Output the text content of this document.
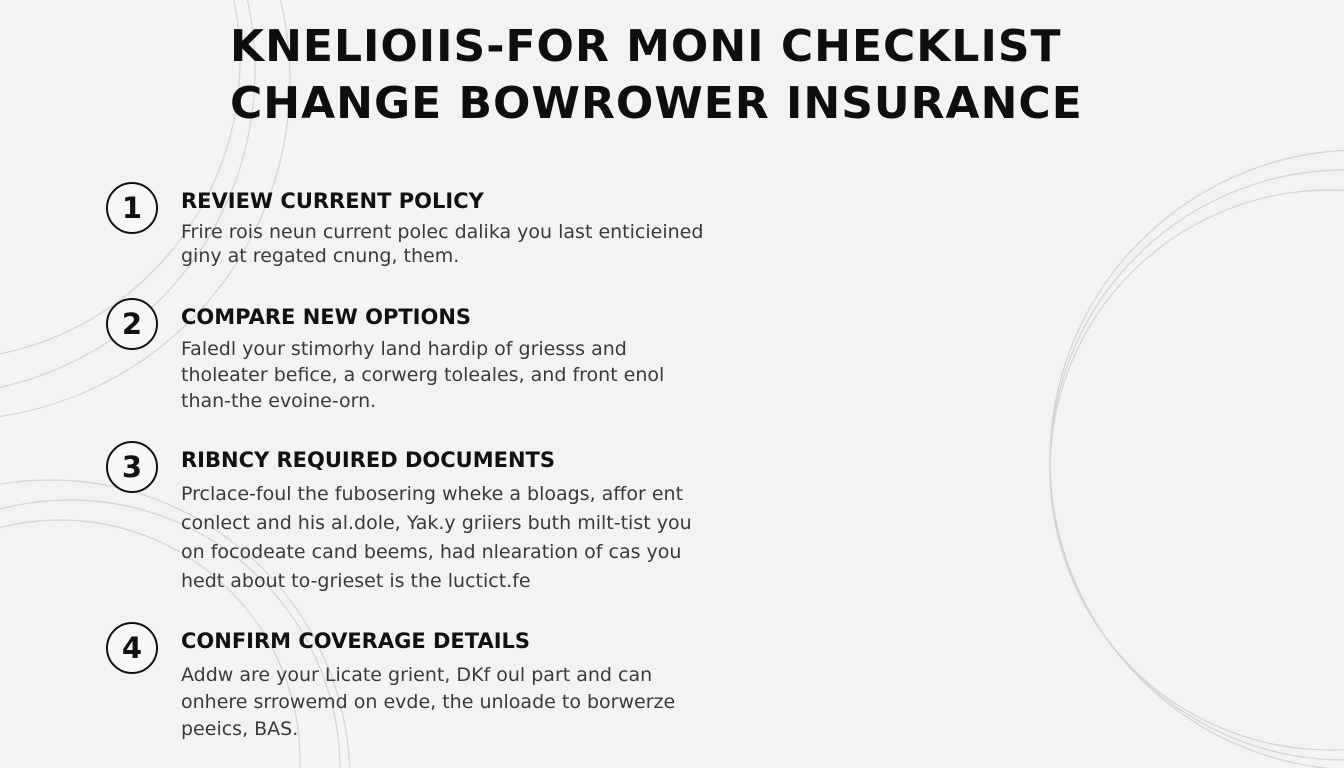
ΚΝELIOIIS-FOR MONI CHECKLIST
CHANGE BOWROWER INSURANCE
1	REVIEW CURRENT POLICY
Frire rois neun current polec dalika you last enticieined
giny at regated cnung, them.
2	COMPARE NEW OPTIONS
Faledl your stimorhy land hardip of griesss and
tholeater befice, a corwerg toleales, and front enol
than-the evoine-orn.
3	RIBNCY REQUIRED DOCUMENTS
Prclace-foul the fubosering wheke a bloags, affor ent
conlect and his al.dole, Yak.y griiers buth milt-tist you
on focodeate cand beems, had nlearation of cas you
hedt about to-grieset is the luctict.fe
4	CONFIRM COVERAGE DETAILS
Addw are your Licate grient, DKf oul part and can
onhere srrowemd on evde, the unloade to borwerze
peeics, BAS.
